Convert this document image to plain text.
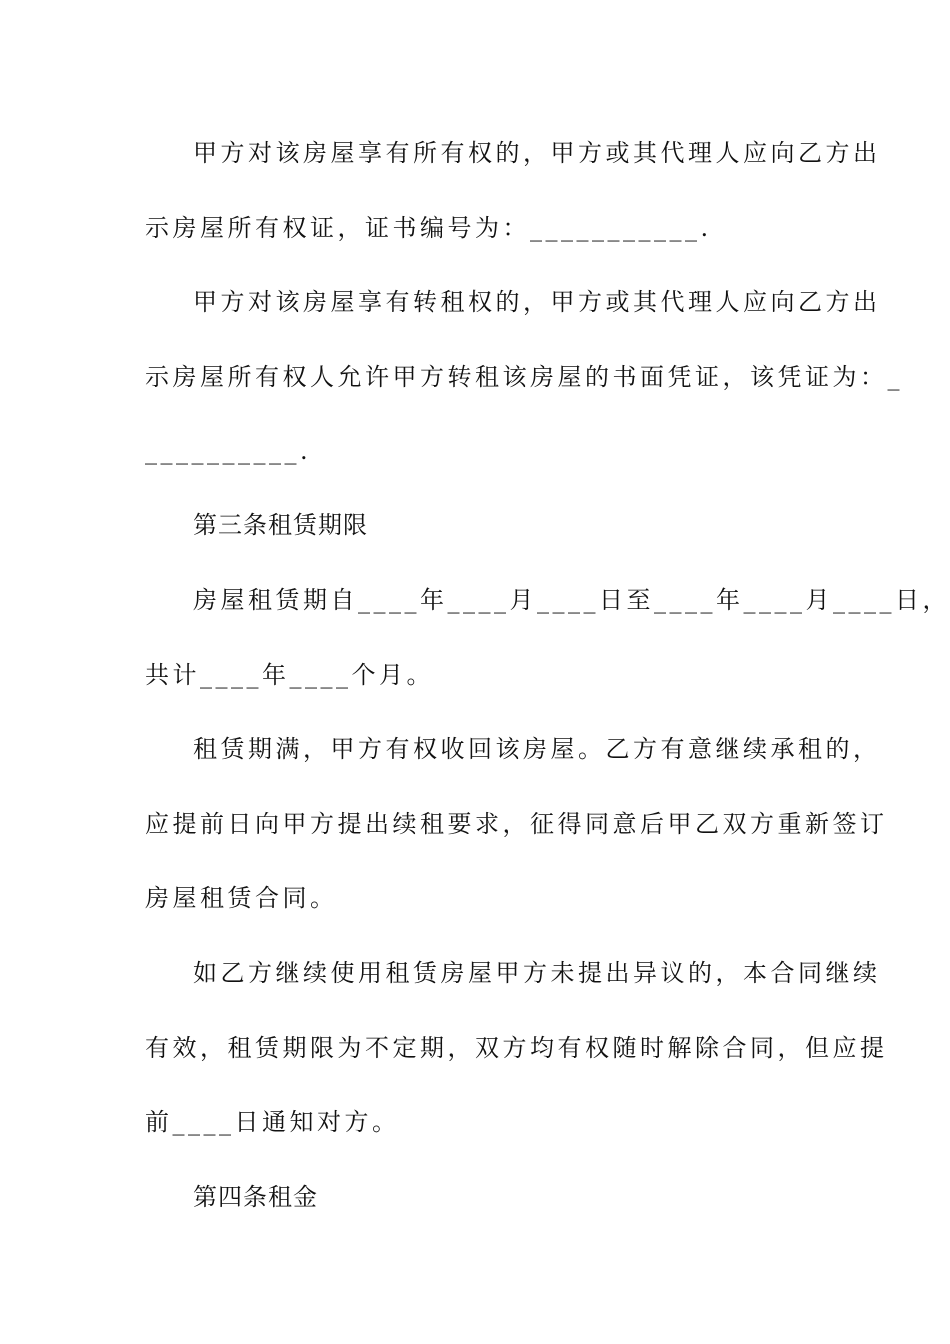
甲方对该房屋享有所有权的，甲方或其代理人应向乙方出
示房屋所有权证，证书编号为：___________.
甲方对该房屋享有转租权的，甲方或其代理人应向乙方出
示房屋所有权人允许甲方转租该房屋的书面凭证，该凭证为：_
__________.
第三条租赁期限
房屋租赁期自____年____月____日至____年____月____日，
共计____年____个月。
租赁期满，甲方有权收回该房屋。乙方有意继续承租的，
应提前日向甲方提出续租要求，征得同意后甲乙双方重新签订
房屋租赁合同。
如乙方继续使用租赁房屋甲方未提出异议的，本合同继续
有效，租赁期限为不定期，双方均有权随时解除合同，但应提
前____日通知对方。
第四条租金
